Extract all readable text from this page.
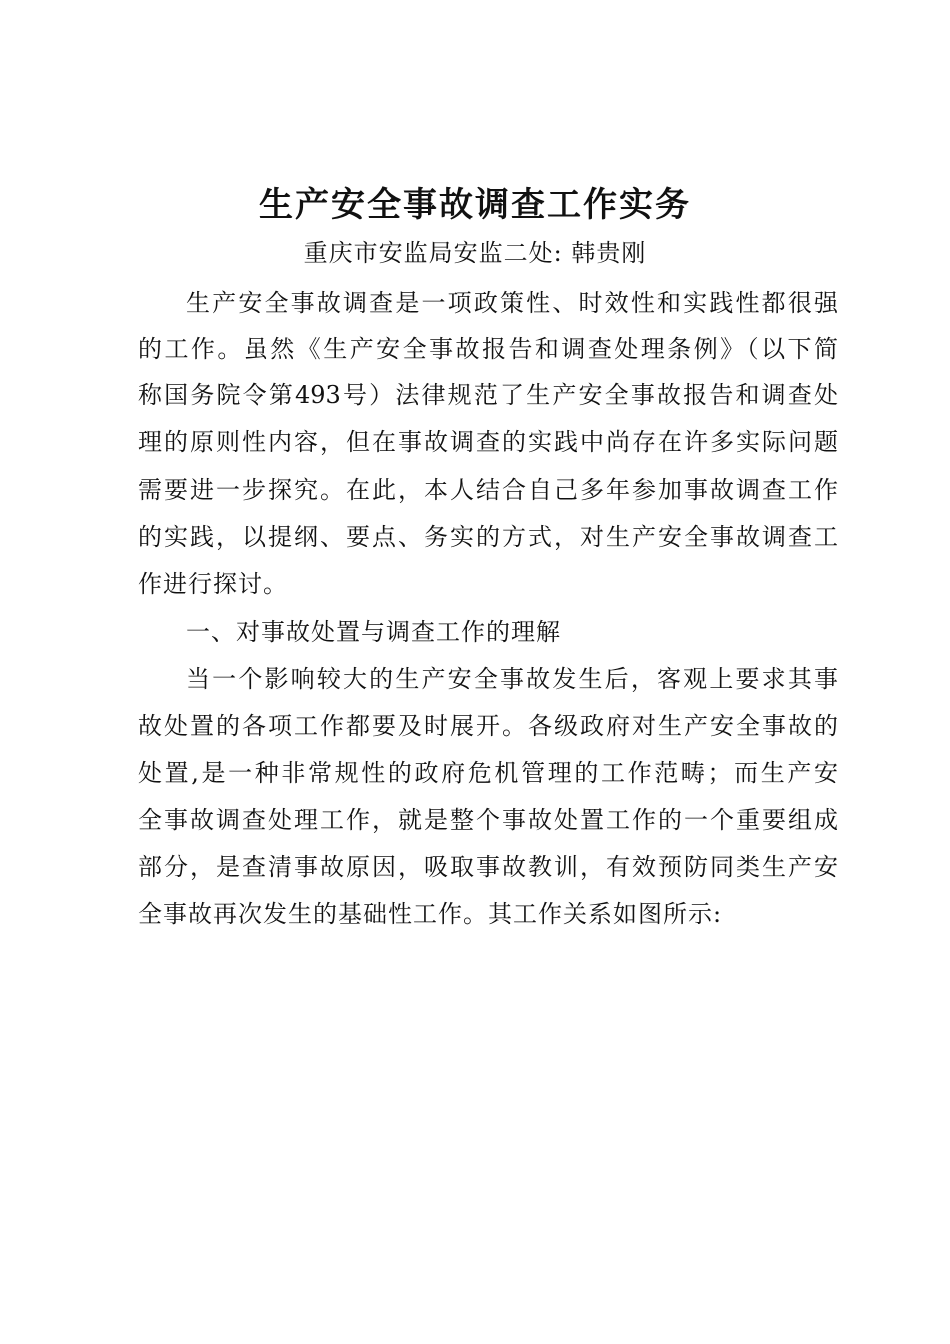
生产安全事故调查工作实务
重庆市安监局安监二处: 韩贵刚
生产安全事故调查是一项政策性、时效性和实践性都很强
的工作。虽然《生产安全事故报告和调查处理条例》（以下简
称国务院令第493号）法律规范了生产安全事故报告和调查处
理的原则性内容，但在事故调查的实践中尚存在许多实际问题
需要进一步探究。在此，本人结合自己多年参加事故调查工作
的实践，以提纲、要点、务实的方式，对生产安全事故调查工
作进行探讨。
一、对事故处置与调查工作的理解
当一个影响较大的生产安全事故发生后，客观上要求其事
故处置的各项工作都要及时展开。各级政府对生产安全事故的
处置,是一种非常规性的政府危机管理的工作范畴；而生产安
全事故调查处理工作，就是整个事故处置工作的一个重要组成
部分，是查清事故原因，吸取事故教训，有效预防同类生产安
全事故再次发生的基础性工作。其工作关系如图所示:
